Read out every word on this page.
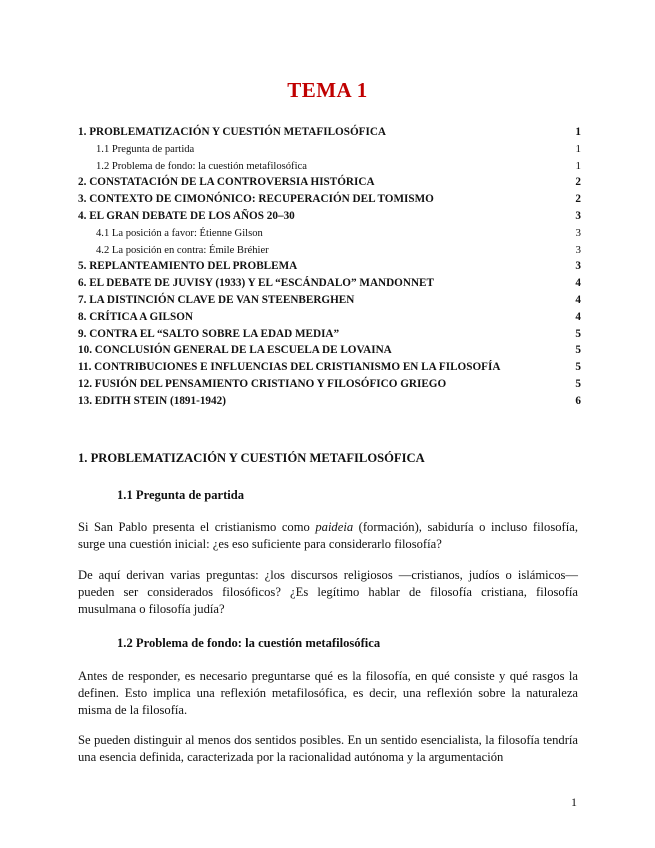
TEMA 1
1. PROBLEMATIZACIÓN Y CUESTIÓN METAFILOSÓFICA	1
1.1 Pregunta de partida	1
1.2 Problema de fondo: la cuestión metafilosófica	1
2. CONSTATACIÓN DE LA CONTROVERSIA HISTÓRICA	2
3. CONTEXTO DE CIMONÓNICO: RECUPERACIÓN DEL TOMISMO	2
4. EL GRAN DEBATE DE LOS AÑOS 20–30	3
4.1 La posición a favor: Étienne Gilson	3
4.2 La posición en contra: Émile Bréhier	3
5. REPLANTEAMIENTO DEL PROBLEMA	3
6. EL DEBATE DE JUVISY (1933) Y EL “ESCÁNDALO” MANDONNET	4
7. LA DISTINCIÓN CLAVE DE VAN STEENBERGHEN	4
8. CRÍTICA A GILSON	4
9. CONTRA EL “SALTO SOBRE LA EDAD MEDIA”	5
10. CONCLUSIÓN GENERAL DE LA ESCUELA DE LOVAINA	5
11. CONTRIBUCIONES E INFLUENCIAS DEL CRISTIANISMO EN LA FILOSOFÍA	5
12. FUSIÓN DEL PENSAMIENTO CRISTIANO Y FILOSÓFICO GRIEGO	5
13. EDITH STEIN (1891-1942)	6
1. PROBLEMATIZACIÓN Y CUESTIÓN METAFILOSÓFICA
1.1 Pregunta de partida
Si San Pablo presenta el cristianismo como paideia (formación), sabiduría o incluso filosofía, surge una cuestión inicial: ¿es eso suficiente para considerarlo filosofía?
De aquí derivan varias preguntas: ¿los discursos religiosos —cristianos, judíos o islámicos— pueden ser considerados filosóficos? ¿Es legítimo hablar de filosofía cristiana, filosofía musulmana o filosofía judía?
1.2 Problema de fondo: la cuestión metafilosófica
Antes de responder, es necesario preguntarse qué es la filosofía, en qué consiste y qué rasgos la definen. Esto implica una reflexión metafilosófica, es decir, una reflexión sobre la naturaleza misma de la filosofía.
Se pueden distinguir al menos dos sentidos posibles. En un sentido esencialista, la filosofía tendría una esencia definida, caracterizada por la racionalidad autónoma y la argumentación
1
